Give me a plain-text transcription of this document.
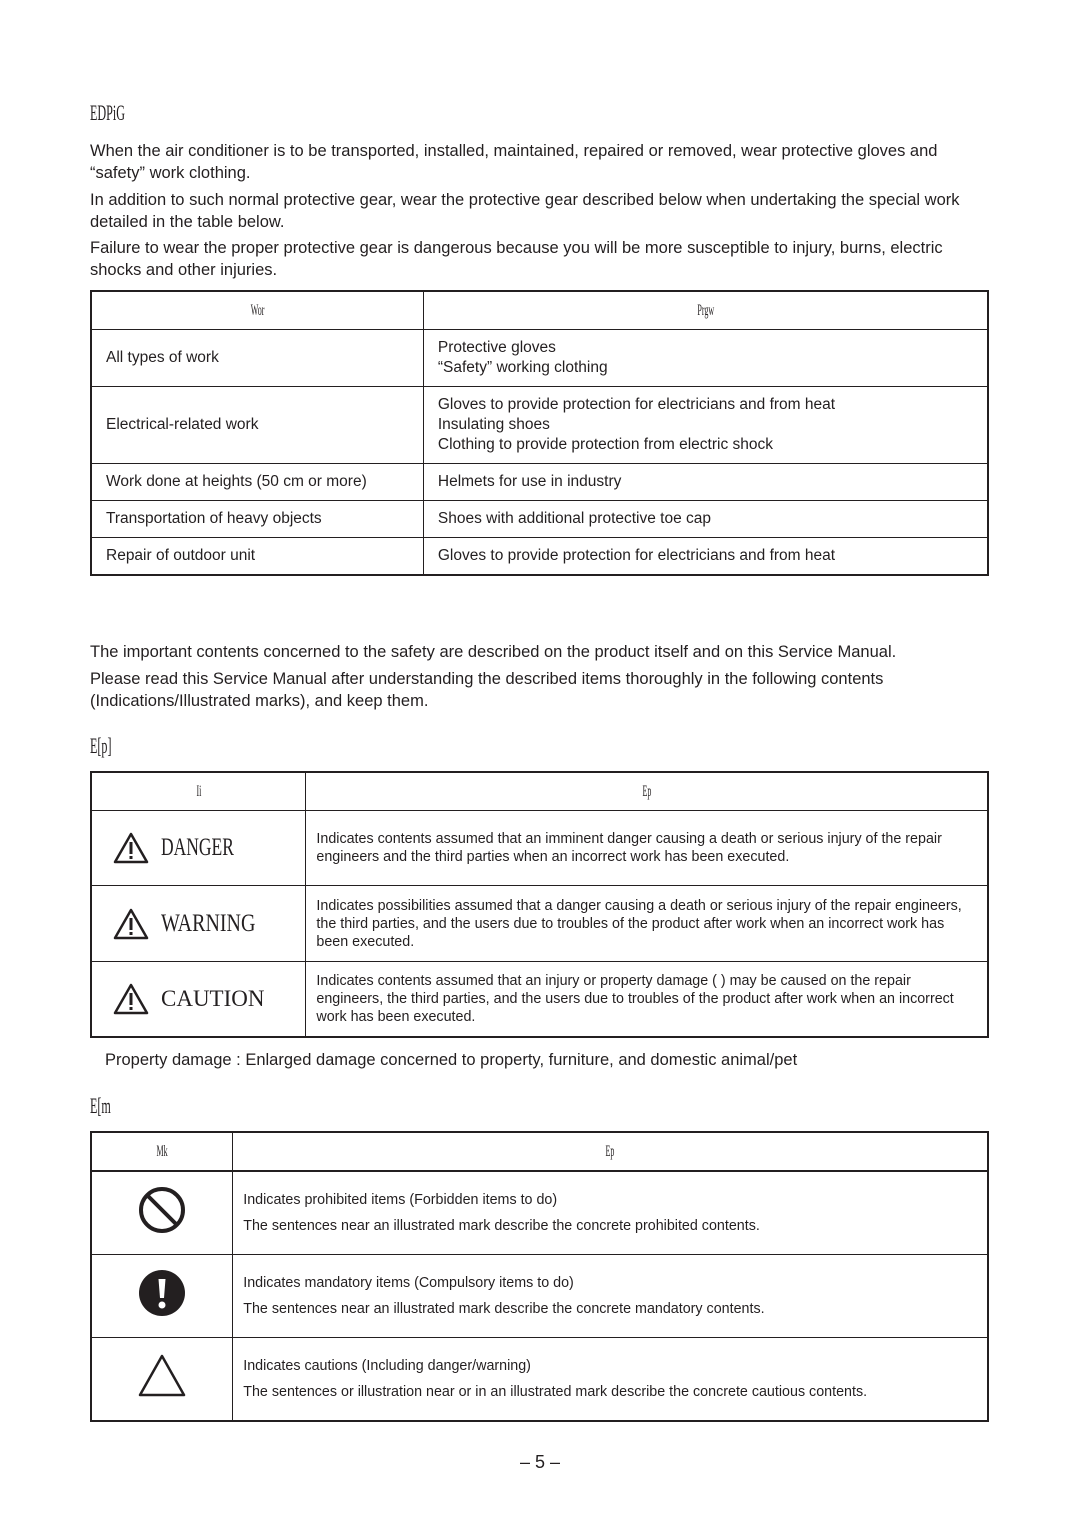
EDPiG
When the air conditioner is to be transported, installed, maintained, repaired or removed, wear protective gloves and “safety” work clothing.
In addition to such normal protective gear, wear the protective gear described below when undertaking the special work detailed in the table below.
Failure to wear the proper protective gear is dangerous because you will be more susceptible to injury, burns, electric shocks and other injuries.
Wor	Prgw
All types of work	Protective gloves
“Safety” working clothing

Electrical-related work	Gloves to provide protection for electricians and from heat
Insulating shoes
Clothing to provide protection from electric shock

Work done at heights (50 cm or more)	Helmets for use in industry

Transportation of heavy objects	Shoes with additional protective toe cap

Repair of outdoor unit	Gloves to provide protection for electricians and from heat
The important contents concerned to the safety are described on the product itself and on this Service Manual.
Please read this Service Manual after understanding the described items thoroughly in the following contents (Indications/Illustrated marks), and keep them.
E[p]
Ii	Ep

DANGER	Indicates contents assumed that an imminent danger causing a death or serious injury of the repair engineers and the third parties when an incorrect work has been executed.

WARNING	Indicates possibilities assumed that a danger causing a death or serious injury of the repair engineers, the third parties, and the users due to troubles of the product after work when an incorrect work has been executed.

CAUTION	Indicates contents assumed that an injury or property damage ( ) may be caused on the repair engineers, the third parties, and the users due to troubles of the product after work when an incorrect work has been executed.
Property damage : Enlarged damage concerned to property, furniture, and domestic animal/pet
E[m
Mk	Ep

Indicates prohibited items (Forbidden items to do)
The sentences near an illustrated mark describe the concrete prohibited contents.

Indicates mandatory items (Compulsory items to do)
The sentences near an illustrated mark describe the concrete mandatory contents.

Indicates cautions (Including danger/warning)
The sentences or illustration near or in an illustrated mark describe the concrete cautious contents.
– 5 –
